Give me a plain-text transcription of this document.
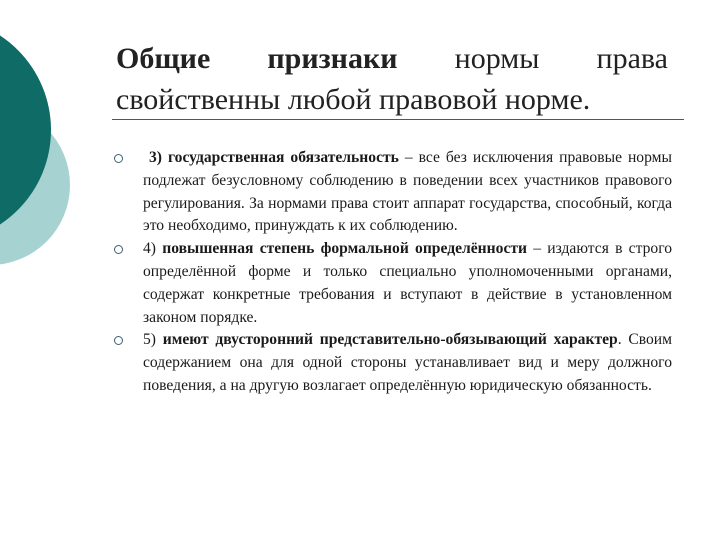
Общие признаки нормы права
свойственны любой правовой норме.
3) государственная обязательность – все без исключения правовые нормы подлежат безусловному соблюдению в поведении всех участников правового регулирования. За нормами права стоит аппарат государства, способный, когда это необходимо, принуждать к их соблюдению.
4) повышенная степень формальной определённости – издаются в строго определённой форме и только специально уполномоченными органами, содержат конкретные требования и вступают в действие в установленном законом порядке.
5) имеют двусторонний представительно-обязывающий характер. Своим содержанием она для одной стороны устанавливает вид и меру должного поведения, а на другую возлагает определённую юридическую обязанность.
